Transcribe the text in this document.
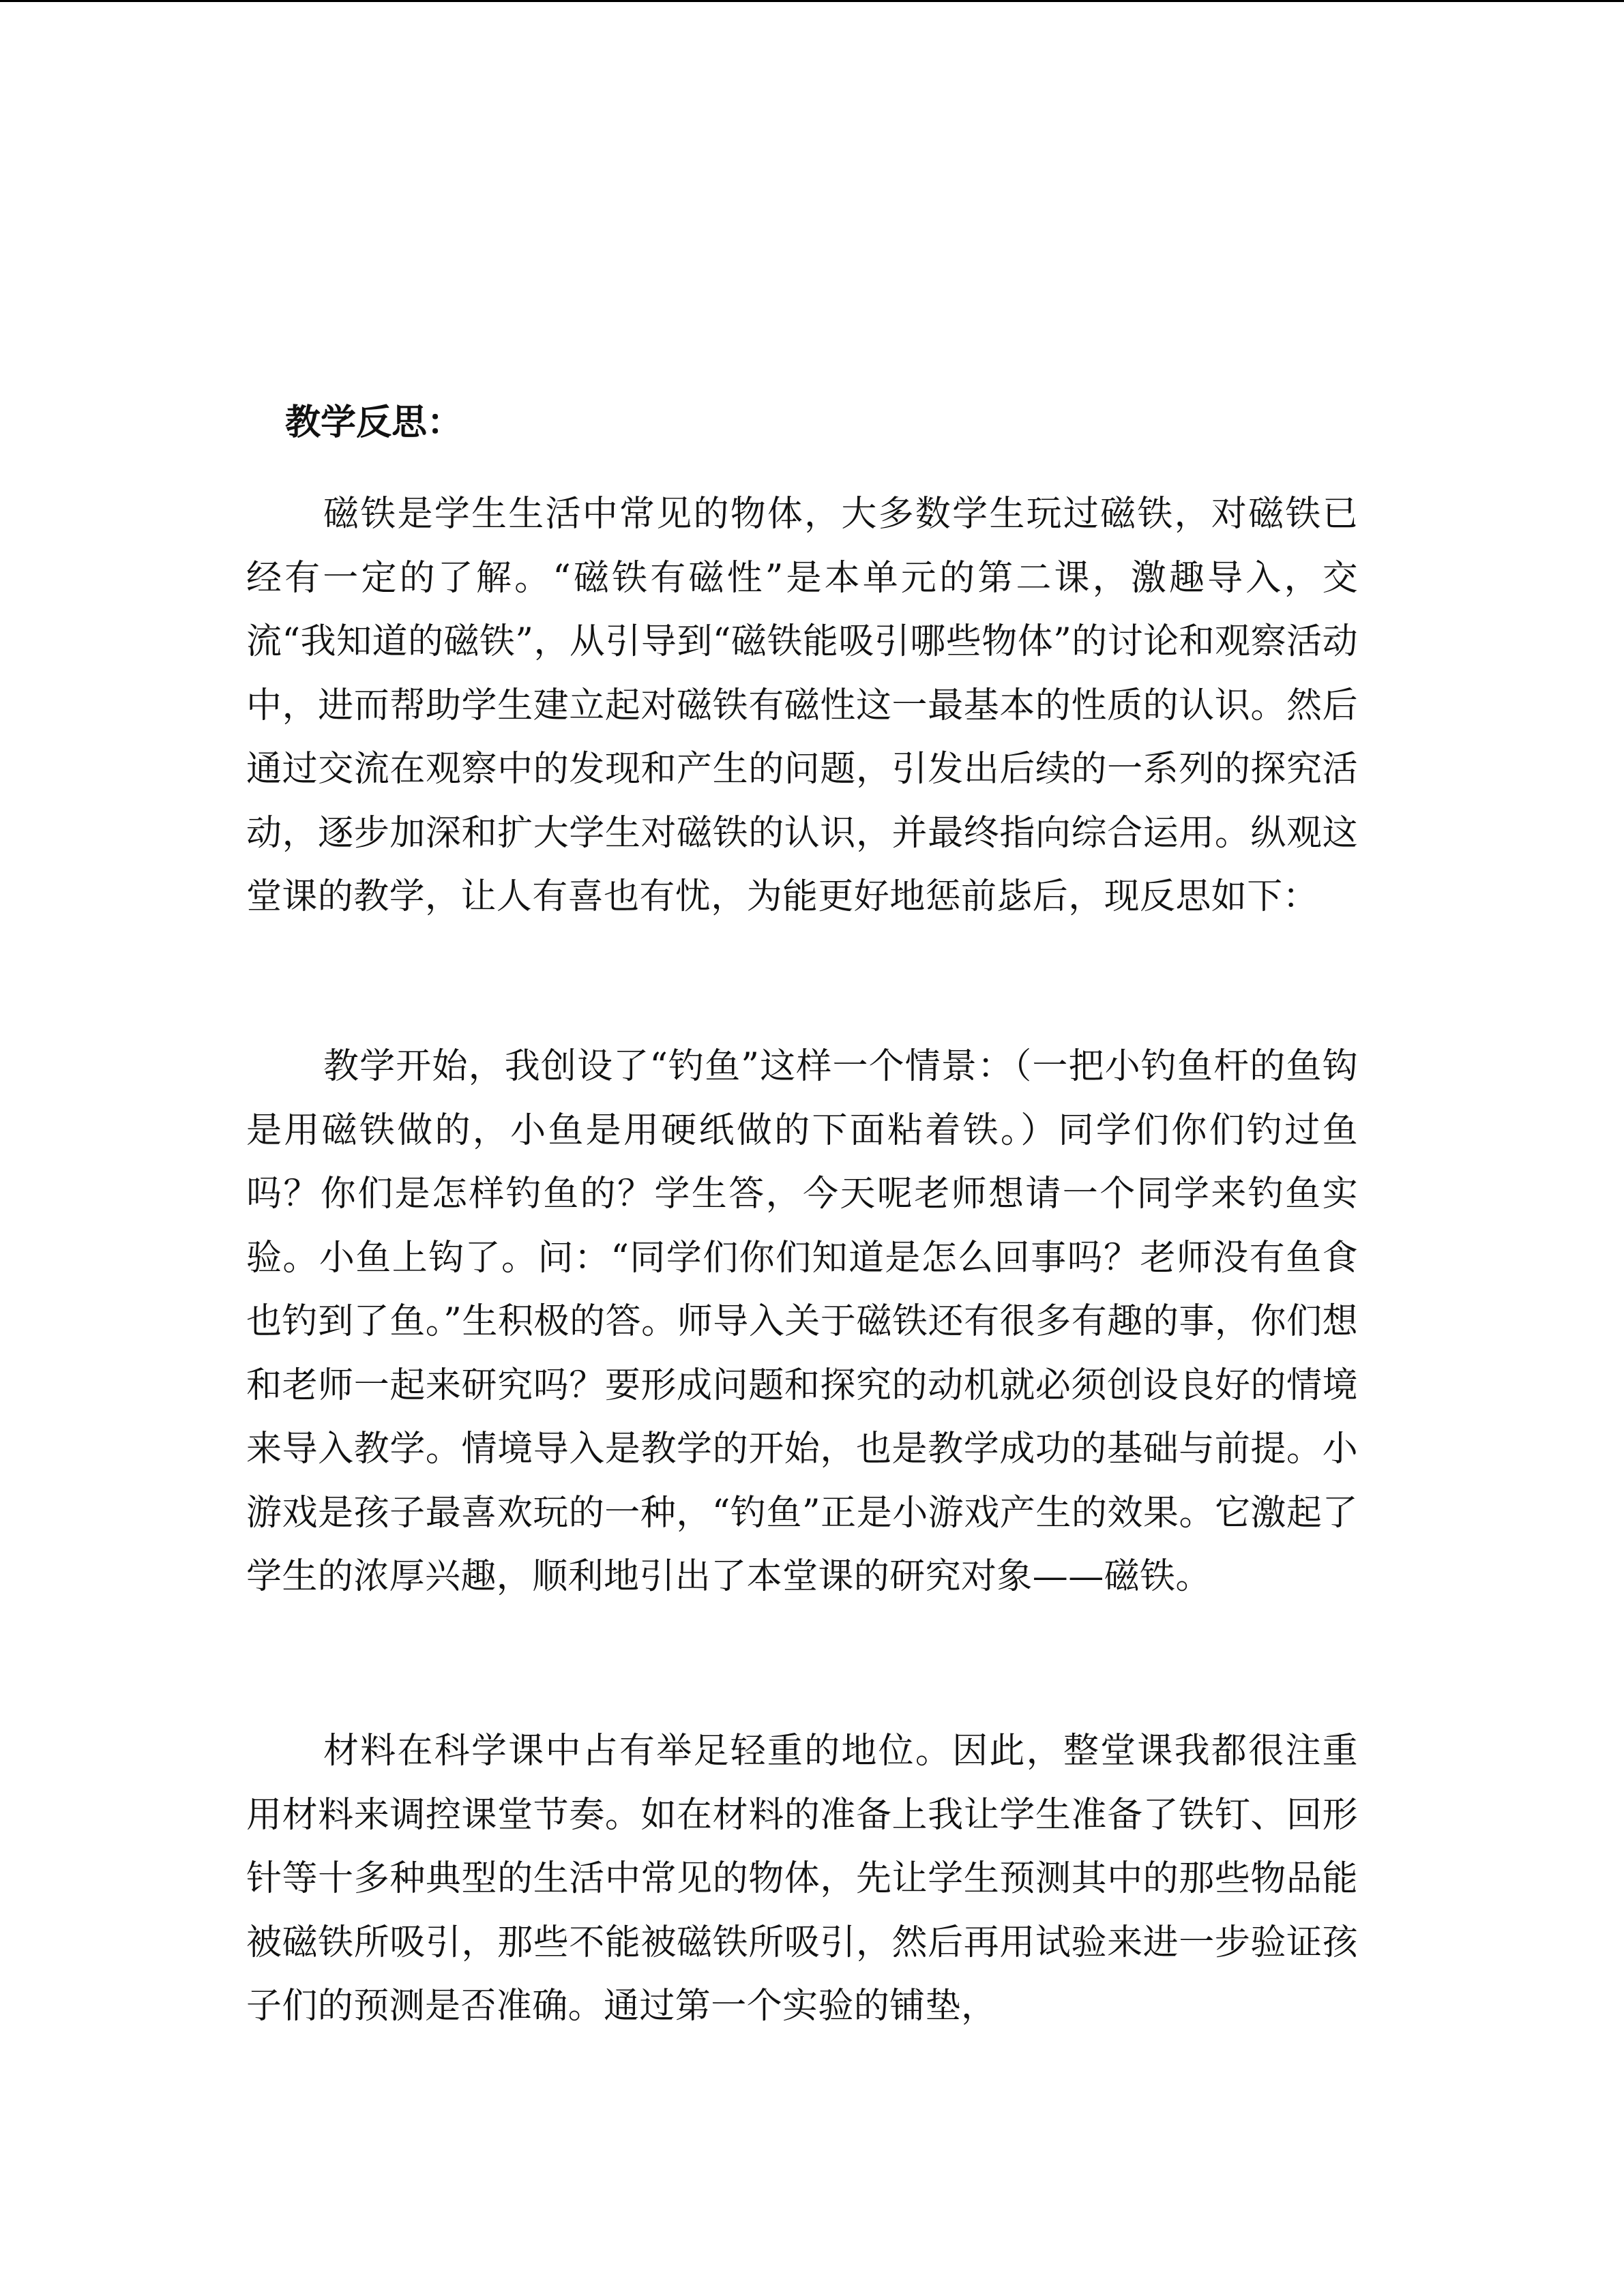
教学反思：

磁铁是学生生活中常见的物体，大多数学生玩过磁铁，对磁铁已经有一定的了解。“磁铁有磁性”是本单元的第二课，激趣导入，交流“我知道的磁铁”，从引导到“磁铁能吸引哪些物体”的讨论和观察活动中，进而帮助学生建立起对磁铁有磁性这一最基本的性质的认识。然后通过交流在观察中的发现和产生的问题，引发出后续的一系列的探究活动，逐步加深和扩大学生对磁铁的认识，并最终指向综合运用。纵观这堂课的教学，让人有喜也有忧，为能更好地惩前毖后，现反思如下：

教学开始，我创设了“钓鱼”这样一个情景：（一把小钓鱼杆的鱼钩是用磁铁做的，小鱼是用硬纸做的下面粘着铁。）同学们你们钓过鱼吗？你们是怎样钓鱼的？学生答，今天呢老师想请一个同学来钓鱼实验。小鱼上钩了。问：“同学们你们知道是怎么回事吗？老师没有鱼食也钓到了鱼。”生积极的答。师导入关于磁铁还有很多有趣的事，你们想和老师一起来研究吗？要形成问题和探究的动机就必须创设良好的情境来导入教学。情境导入是教学的开始，也是教学成功的基础与前提。小游戏是孩子最喜欢玩的一种，“钓鱼”正是小游戏产生的效果。它激起了学生的浓厚兴趣，顺利地引出了本堂课的研究对象——磁铁。

材料在科学课中占有举足轻重的地位。因此，整堂课我都很注重用材料来调控课堂节奏。如在材料的准备上我让学生准备了铁钉、回形针等十多种典型的生活中常见的物体，先让学生预测其中的那些物品能被磁铁所吸引，那些不能被磁铁所吸引，然后再用试验来进一步验证孩子们的预测是否准确。通过第一个实验的铺垫，
